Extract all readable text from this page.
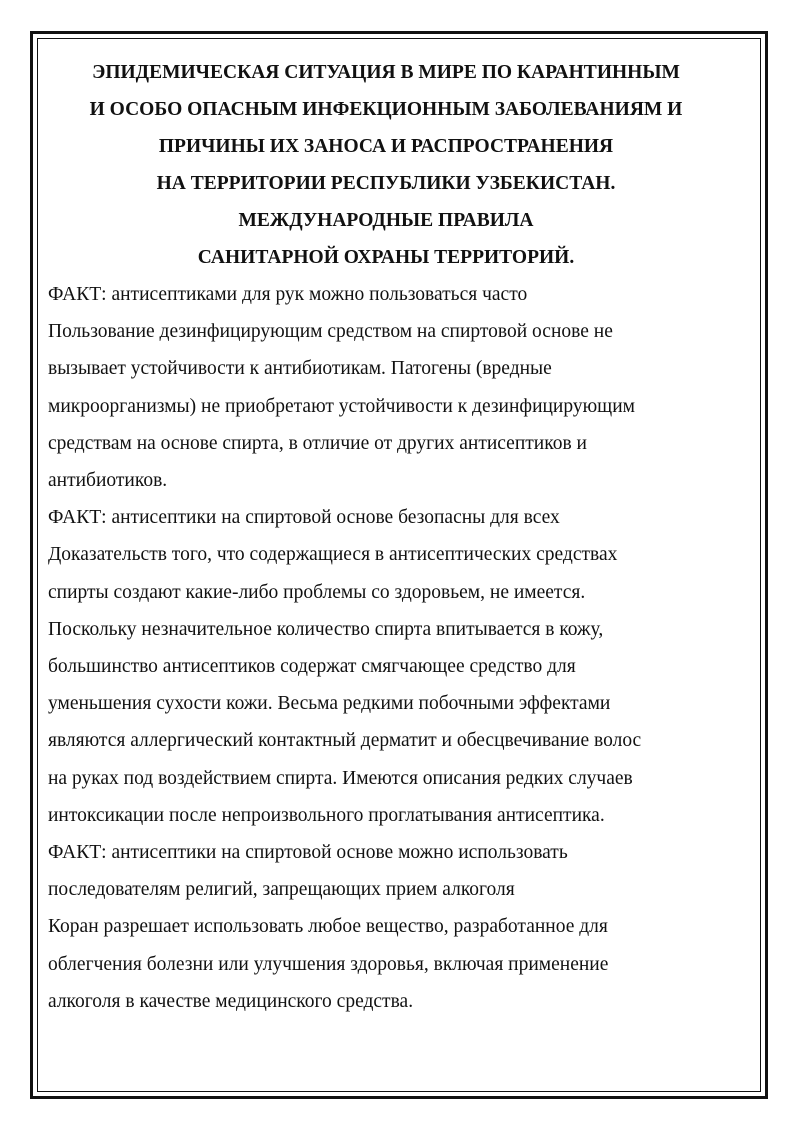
ЭПИДЕМИЧЕСКАЯ СИТУАЦИЯ В МИРЕ ПО КАРАНТИННЫМ
И ОСОБО ОПАСНЫМ ИНФЕКЦИОННЫМ ЗАБОЛЕВАНИЯМ И
ПРИЧИНЫ ИХ ЗАНОСА И РАСПРОСТРАНЕНИЯ
НА ТЕРРИТОРИИ РЕСПУБЛИКИ УЗБЕКИСТАН.
МЕЖДУНАРОДНЫЕ ПРАВИЛА
САНИТАРНОЙ ОХРАНЫ ТЕРРИТОРИЙ.
ФАКТ: антисептиками для рук можно пользоваться часто
Пользование дезинфицирующим средством на спиртовой основе не
вызывает устойчивости к антибиотикам. Патогены (вредные
микроорганизмы) не приобретают устойчивости к дезинфицирующим
средствам на основе спирта, в отличие от других антисептиков и
антибиотиков.
ФАКТ: антисептики на спиртовой основе безопасны для всех
Доказательств того, что содержащиеся в антисептических средствах
спирты создают какие-либо проблемы со здоровьем, не имеется.
Поскольку незначительное количество спирта впитывается в кожу,
большинство антисептиков содержат смягчающее средство для
уменьшения сухости кожи. Весьма редкими побочными эффектами
являются аллергический контактный дерматит и обесцвечивание волос
на руках под воздействием спирта. Имеются описания редких случаев
интоксикации после непроизвольного проглатывания антисептика.
ФАКТ: антисептики на спиртовой основе можно использовать
последователям религий, запрещающих прием алкоголя
Коран разрешает использовать любое вещество, разработанное для
облегчения болезни или улучшения здоровья, включая применение
алкоголя в качестве медицинского средства.
